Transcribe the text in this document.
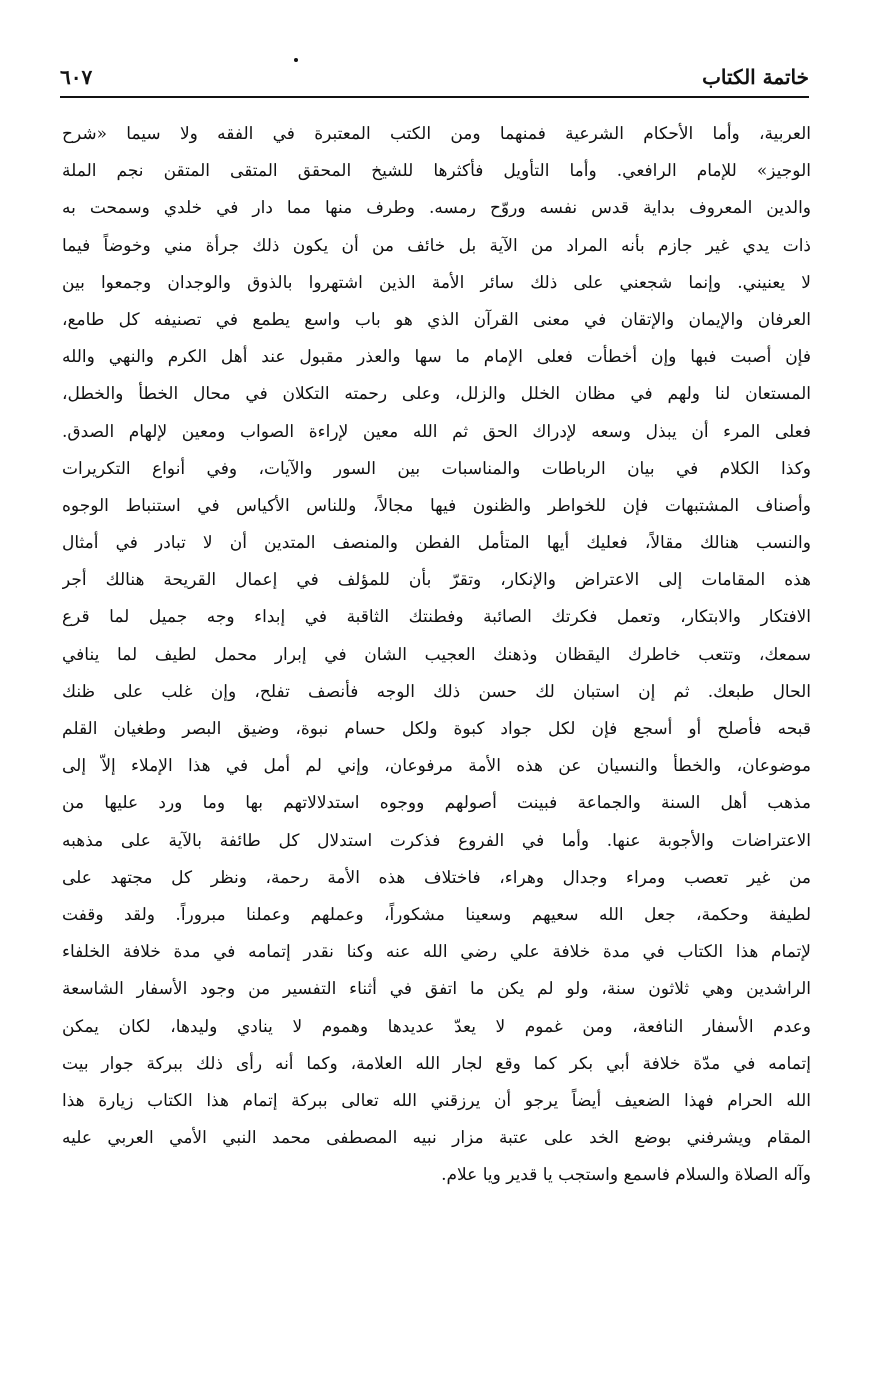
خاتمة الكتاب
٦٠٧
العربية، وأما الأحكام الشرعية فمنهما ومن الكتب المعتبرة في الفقه ولا سيما «شرح
الوجيز» للإمام الرافعي. وأما التأويل فأكثرها للشيخ المحقق المتقى المتقن نجم الملة
والدين المعروف بداية قدس نفسه وروّح رمسه. وطرف منها مما دار في خلدي وسمحت به
ذات يدي غير جازم بأنه المراد من الآية بل خائف من أن يكون ذلك جرأة مني وخوضاً فيما
لا يعنيني. وإنما شجعني على ذلك سائر الأمة الذين اشتهروا بالذوق والوجدان وجمعوا بين
العرفان والإيمان والإتقان في معنى القرآن الذي هو باب واسع يطمع في تصنيفه كل طامع،
فإن أصبت فبها وإن أخطأت فعلى الإمام ما سها والعذر مقبول عند أهل الكرم والنهي والله
المستعان لنا ولهم في مظان الخلل والزلل، وعلى رحمته التكلان في محال الخطأ والخطل،
فعلى المرء أن يبذل وسعه لإدراك الحق ثم الله معين لإراءة الصواب ومعين لإلهام الصدق.
وكذا الكلام في بيان الرباطات والمناسبات بين السور والآيات، وفي أنواع التكريرات
وأصناف المشتبهات فإن للخواطر والظنون فيها مجالاً، وللناس الأكياس في استنباط الوجوه
والنسب هنالك مقالاً، فعليك أيها المتأمل الفطن والمنصف المتدين أن لا تبادر في أمثال
هذه المقامات إلى الاعتراض والإنكار، وتقرّ بأن للمؤلف في إعمال القريحة هنالك أجر
الافتكار والابتكار، وتعمل فكرتك الصائبة وفطنتك الثاقبة في إبداء وجه جميل لما قرع
سمعك، وتتعب خاطرك اليقظان وذهنك العجيب الشان في إبرار محمل لطيف لما ينافي
الحال طبعك. ثم إن استبان لك حسن ذلك الوجه فأنصف تفلح، وإن غلب على ظنك
قبحه فأصلح أو أسجع فإن لكل جواد كبوة ولكل حسام نبوة، وضيق البصر وطغيان القلم
موضوعان، والخطأ والنسيان عن هذه الأمة مرفوعان، وإني لم أمل في هذا الإملاء إلاّ إلى
مذهب أهل السنة والجماعة فبينت أصولهم ووجوه استدلالاتهم بها وما ورد عليها من
الاعتراضات والأجوبة عنها. وأما في الفروع فذكرت استدلال كل طائفة بالآية على مذهبه
من غير تعصب ومراء وجدال وهراء، فاختلاف هذه الأمة رحمة، ونظر كل مجتهد على
لطيفة وحكمة، جعل الله سعيهم وسعينا مشكوراً، وعملهم وعملنا مبروراً. ولقد وقفت
لإتمام هذا الكتاب في مدة خلافة علي رضي الله عنه وكنا نقدر إتمامه في مدة خلافة الخلفاء
الراشدين وهي ثلاثون سنة، ولو لم يكن ما اتفق في أثناء التفسير من وجود الأسفار الشاسعة
وعدم الأسفار النافعة، ومن غموم لا يعدّ عديدها وهموم لا ينادي وليدها، لكان يمكن
إتمامه في مدّة خلافة أبي بكر كما وقع لجار الله العلامة، وكما أنه رأى ذلك ببركة جوار بيت
الله الحرام فهذا الضعيف أيضاً يرجو أن يرزقني الله تعالى ببركة إتمام هذا الكتاب زيارة هذا
المقام ويشرفني بوضع الخد على عتبة مزار نبيه المصطفى محمد النبي الأمي العربي عليه
وآله الصلاة والسلام فاسمع واستجب يا قدير ويا علام.
